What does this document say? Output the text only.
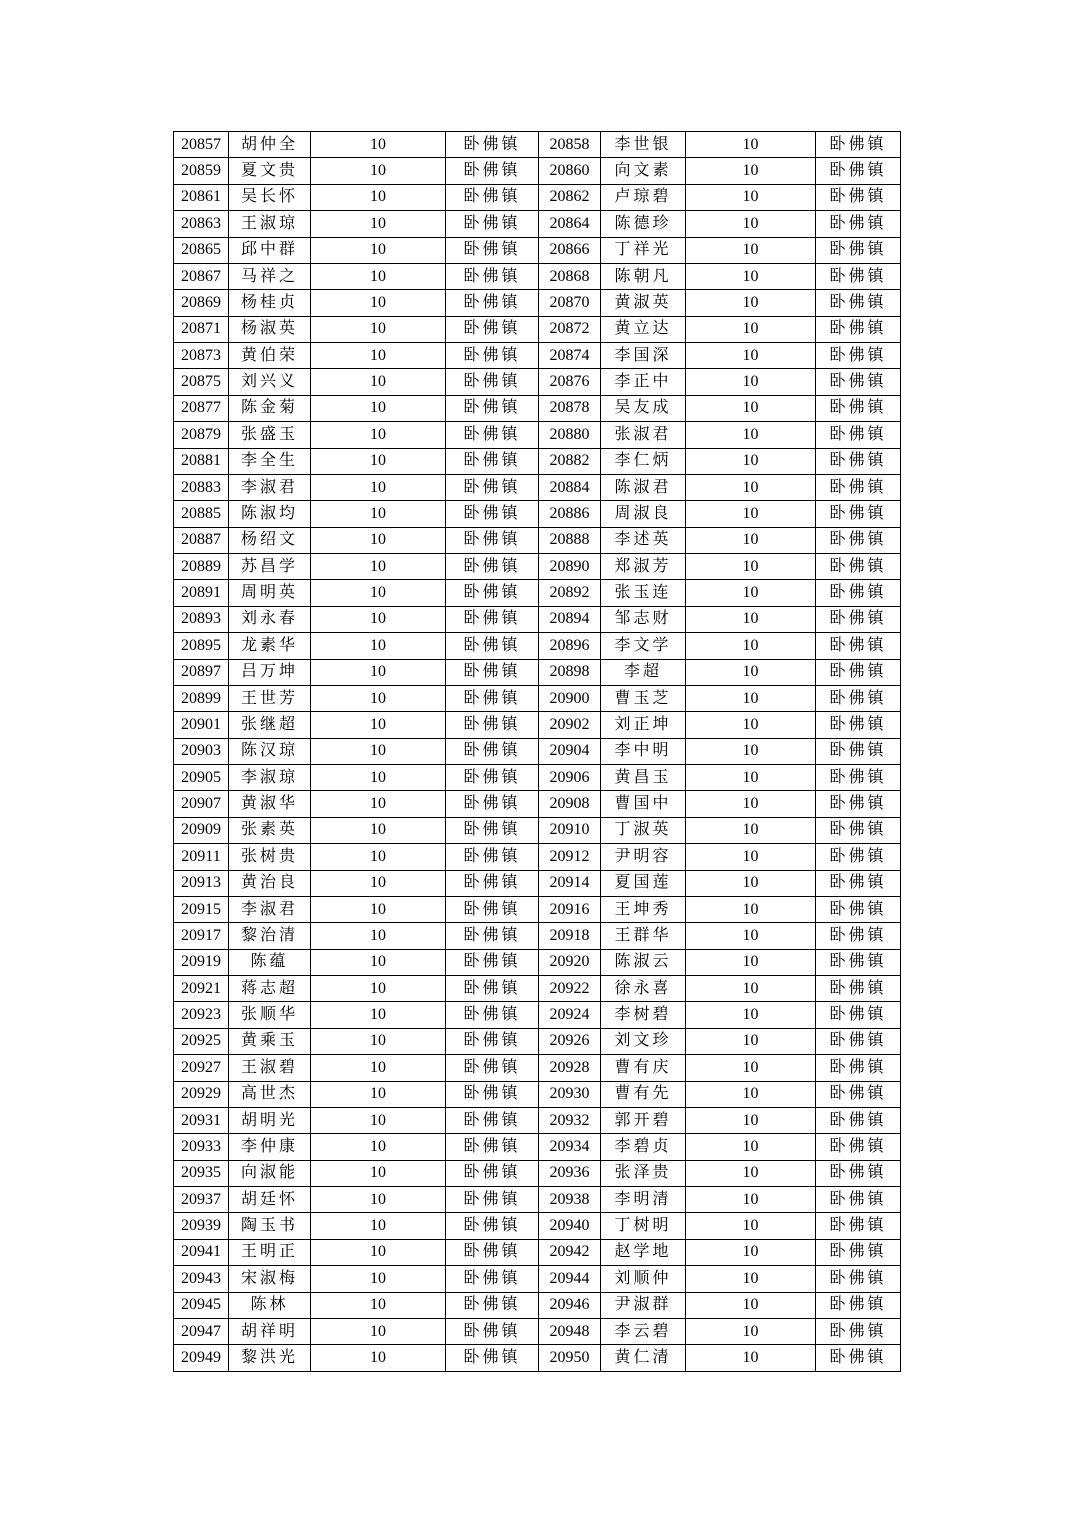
20857	胡仲全	10	卧佛镇	20858	李世银	10	卧佛镇
20859	夏文贵	10	卧佛镇	20860	向文素	10	卧佛镇
20861	吴长怀	10	卧佛镇	20862	卢琼碧	10	卧佛镇
20863	王淑琼	10	卧佛镇	20864	陈德珍	10	卧佛镇
20865	邱中群	10	卧佛镇	20866	丁祥光	10	卧佛镇
20867	马祥之	10	卧佛镇	20868	陈朝凡	10	卧佛镇
20869	杨桂贞	10	卧佛镇	20870	黄淑英	10	卧佛镇
20871	杨淑英	10	卧佛镇	20872	黄立达	10	卧佛镇
20873	黄伯荣	10	卧佛镇	20874	李国深	10	卧佛镇
20875	刘兴义	10	卧佛镇	20876	李正中	10	卧佛镇
20877	陈金菊	10	卧佛镇	20878	吴友成	10	卧佛镇
20879	张盛玉	10	卧佛镇	20880	张淑君	10	卧佛镇
20881	李全生	10	卧佛镇	20882	李仁炳	10	卧佛镇
20883	李淑君	10	卧佛镇	20884	陈淑君	10	卧佛镇
20885	陈淑均	10	卧佛镇	20886	周淑良	10	卧佛镇
20887	杨绍文	10	卧佛镇	20888	李述英	10	卧佛镇
20889	苏昌学	10	卧佛镇	20890	郑淑芳	10	卧佛镇
20891	周明英	10	卧佛镇	20892	张玉连	10	卧佛镇
20893	刘永春	10	卧佛镇	20894	邹志财	10	卧佛镇
20895	龙素华	10	卧佛镇	20896	李文学	10	卧佛镇
20897	吕万坤	10	卧佛镇	20898	李超	10	卧佛镇
20899	王世芳	10	卧佛镇	20900	曹玉芝	10	卧佛镇
20901	张继超	10	卧佛镇	20902	刘正坤	10	卧佛镇
20903	陈汉琼	10	卧佛镇	20904	李中明	10	卧佛镇
20905	李淑琼	10	卧佛镇	20906	黄昌玉	10	卧佛镇
20907	黄淑华	10	卧佛镇	20908	曹国中	10	卧佛镇
20909	张素英	10	卧佛镇	20910	丁淑英	10	卧佛镇
20911	张树贵	10	卧佛镇	20912	尹明容	10	卧佛镇
20913	黄治良	10	卧佛镇	20914	夏国莲	10	卧佛镇
20915	李淑君	10	卧佛镇	20916	王坤秀	10	卧佛镇
20917	黎治清	10	卧佛镇	20918	王群华	10	卧佛镇
20919	陈蕴	10	卧佛镇	20920	陈淑云	10	卧佛镇
20921	蒋志超	10	卧佛镇	20922	徐永喜	10	卧佛镇
20923	张顺华	10	卧佛镇	20924	李树碧	10	卧佛镇
20925	黄乘玉	10	卧佛镇	20926	刘文珍	10	卧佛镇
20927	王淑碧	10	卧佛镇	20928	曹有庆	10	卧佛镇
20929	高世杰	10	卧佛镇	20930	曹有先	10	卧佛镇
20931	胡明光	10	卧佛镇	20932	郭开碧	10	卧佛镇
20933	李仲康	10	卧佛镇	20934	李碧贞	10	卧佛镇
20935	向淑能	10	卧佛镇	20936	张泽贵	10	卧佛镇
20937	胡廷怀	10	卧佛镇	20938	李明清	10	卧佛镇
20939	陶玉书	10	卧佛镇	20940	丁树明	10	卧佛镇
20941	王明正	10	卧佛镇	20942	赵学地	10	卧佛镇
20943	宋淑梅	10	卧佛镇	20944	刘顺仲	10	卧佛镇
20945	陈林	10	卧佛镇	20946	尹淑群	10	卧佛镇
20947	胡祥明	10	卧佛镇	20948	李云碧	10	卧佛镇
20949	黎洪光	10	卧佛镇	20950	黄仁清	10	卧佛镇
